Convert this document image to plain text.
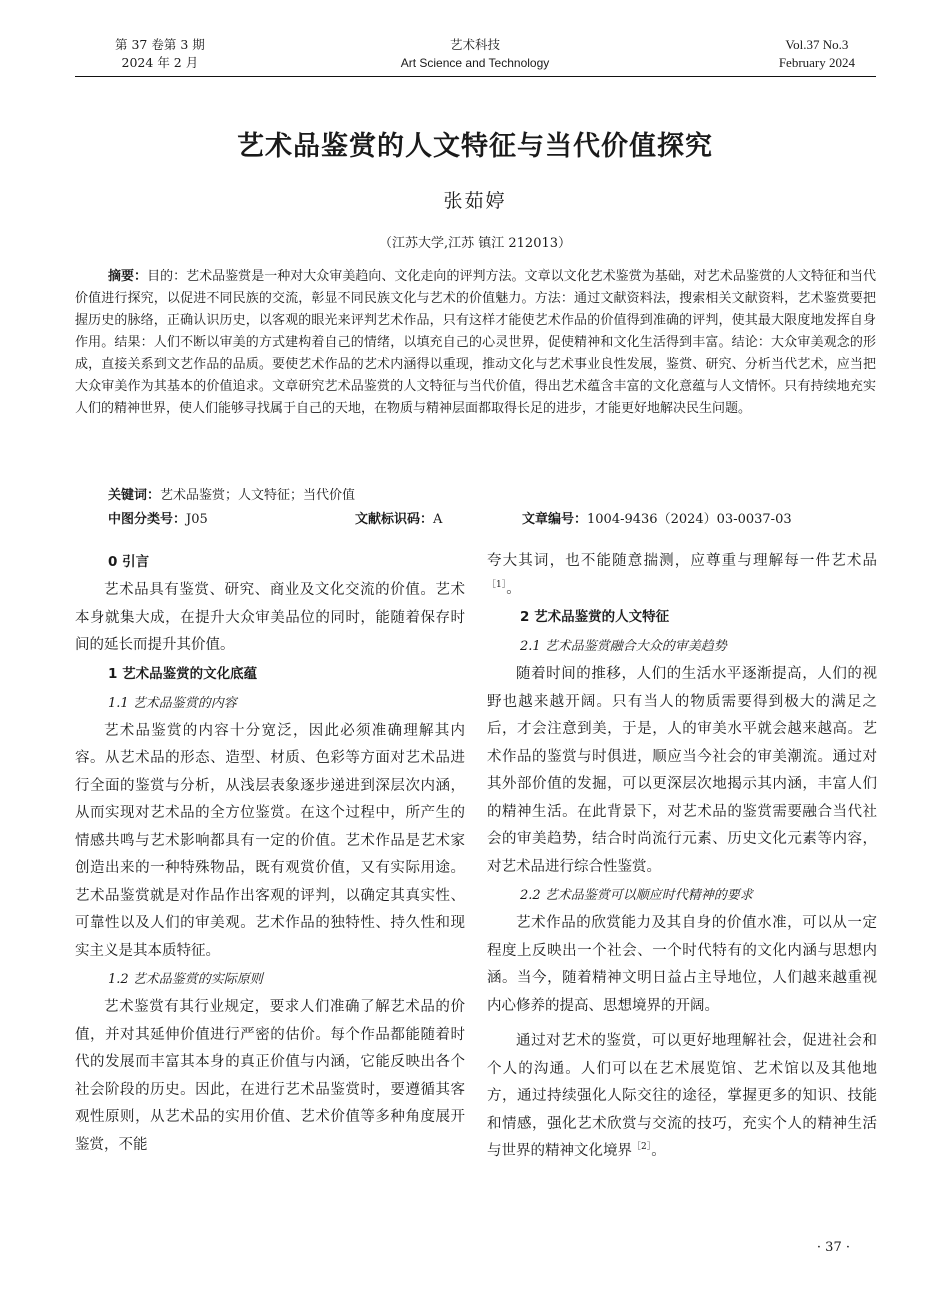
第 37 卷第 3 期
2024 年 2 月
艺术科技
Art Science and Technology
Vol.37 No.3
February 2024
艺术品鉴赏的人文特征与当代价值探究
张茹婷
（江苏大学,江苏 镇江 212013）
摘要：目的：艺术品鉴赏是一种对大众审美趋向、文化走向的评判方法。文章以文化艺术鉴赏为基础，对艺术品鉴赏的人文特征和当代价值进行探究，以促进不同民族的交流，彰显不同民族文化与艺术的价值魅力。方法：通过文献资料法，搜索相关文献资料，艺术鉴赏要把握历史的脉络，正确认识历史，以客观的眼光来评判艺术作品，只有这样才能使艺术作品的价值得到准确的评判，使其最大限度地发挥自身作用。结果：人们不断以审美的方式建构着自己的情绪，以填充自己的心灵世界，促使精神和文化生活得到丰富。结论：大众审美观念的形成，直接关系到文艺作品的品质。要使艺术作品的艺术内涵得以重现，推动文化与艺术事业良性发展，鉴赏、研究、分析当代艺术，应当把大众审美作为其基本的价值追求。文章研究艺术品鉴赏的人文特征与当代价值，得出艺术蕴含丰富的文化意蕴与人文情怀。只有持续地充实人们的精神世界，使人们能够寻找属于自己的天地，在物质与精神层面都取得长足的进步，才能更好地解决民生问题。
关键词：艺术品鉴赏；人文特征；当代价值
中图分类号：J05	文献标识码：A	文章编号：1004-9436（2024）03-0037-03
0 引言

艺术品具有鉴赏、研究、商业及文化交流的价值。艺术本身就集大成，在提升大众审美品位的同时，能随着保存时间的延长而提升其价值。

1 艺术品鉴赏的文化底蕴
1.1 艺术品鉴赏的内容

艺术品鉴赏的内容十分宽泛，因此必须准确理解其内容。从艺术品的形态、造型、材质、色彩等方面对艺术品进行全面的鉴赏与分析，从浅层表象逐步递进到深层次内涵，从而实现对艺术品的全方位鉴赏。在这个过程中，所产生的情感共鸣与艺术影响都具有一定的价值。艺术作品是艺术家创造出来的一种特殊物品，既有观赏价值，又有实际用途。艺术品鉴赏就是对作品作出客观的评判，以确定其真实性、可靠性以及人们的审美观。艺术作品的独特性、持久性和现实主义是其本质特征。

1.2 艺术品鉴赏的实际原则

艺术鉴赏有其行业规定，要求人们准确了解艺术品的价值，并对其延伸价值进行严密的估价。每个作品都能随着时代的发展而丰富其本身的真正价值与内涵，它能反映出各个社会阶段的历史。因此，在进行艺术品鉴赏时，要遵循其客观性原则，从艺术品的实用价值、艺术价值等多种角度展开鉴赏，不能

夸大其词，也不能随意揣测，应尊重与理解每一件艺术品$^{[1]}$。

2 艺术品鉴赏的人文特征
2.1 艺术品鉴赏融合大众的审美趋势

随着时间的推移，人们的生活水平逐渐提高，人们的视野也越来越开阔。只有当人的物质需要得到极大的满足之后，才会注意到美，于是，人的审美水平就会越来越高。艺术作品的鉴赏与时俱进，顺应当今社会的审美潮流。通过对其外部价值的发掘，可以更深层次地揭示其内涵，丰富人们的精神生活。在此背景下，对艺术品的鉴赏需要融合当代社会的审美趋势，结合时尚流行元素、历史文化元素等内容，对艺术品进行综合性鉴赏。

2.2 艺术品鉴赏可以顺应时代精神的要求

艺术作品的欣赏能力及其自身的价值水准，可以从一定程度上反映出一个社会、一个时代特有的文化内涵与思想内涵。当今，随着精神文明日益占主导地位，人们越来越重视内心修养的提高、思想境界的开阔。

通过对艺术的鉴赏，可以更好地理解社会，促进社会和个人的沟通。人们可以在艺术展览馆、艺术馆以及其他地方，通过持续强化人际交往的途径，掌握更多的知识、技能和情感，强化艺术欣赏与交流的技巧，充实个人的精神生活与世界的精神文化境界$^{[2]}$。

· 37 ·
